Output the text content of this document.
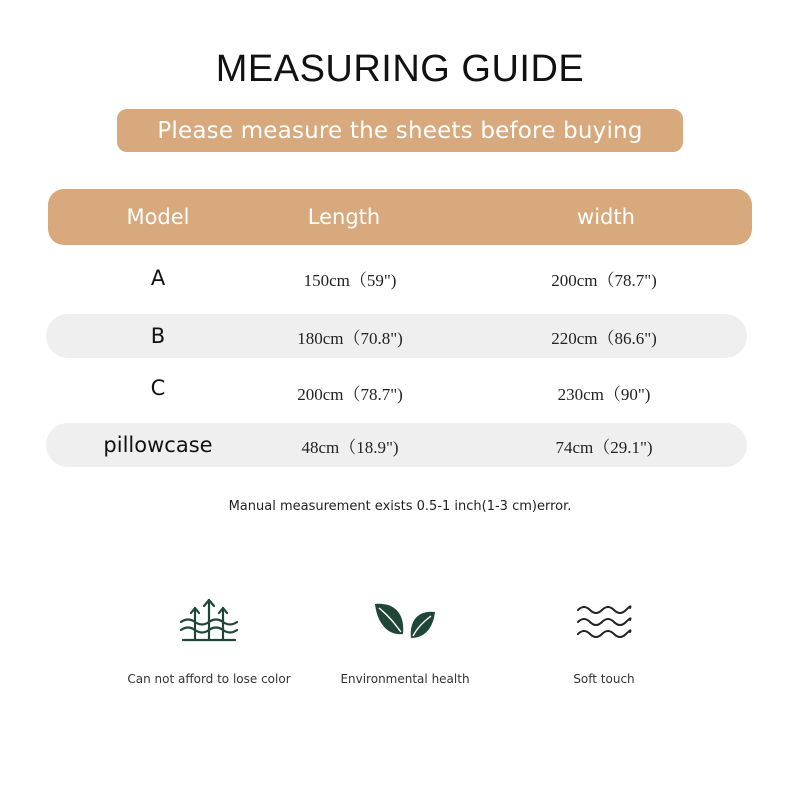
MEASURING GUIDE
Please measure the sheets before buying
Model	Length	width
A	150cm（59")	200cm（78.7")
B	180cm（70.8")	220cm（86.6")
C	200cm（78.7")	230cm（90")
pillowcase	48cm（18.9")	74cm（29.1")
Manual measurement exists 0.5-1 inch(1-3 cm)error.
Can not afford to lose color	Environmental health	Soft touch
